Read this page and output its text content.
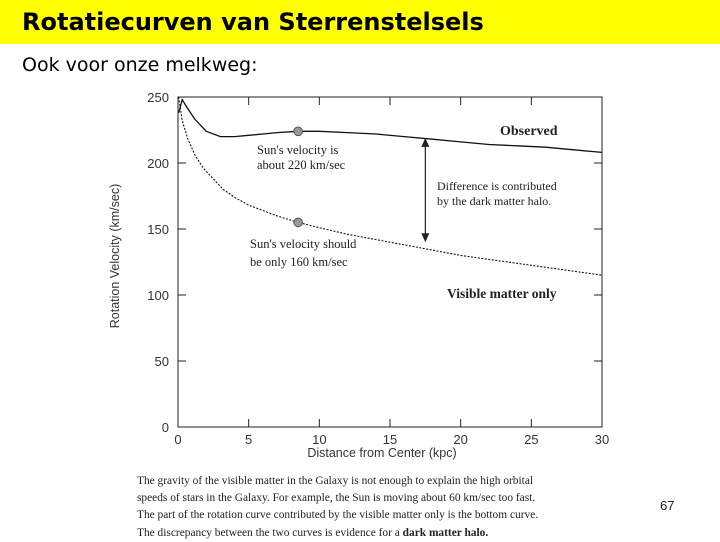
Rotatiecurven van Sterrenstelsels
Ook voor onze melkweg:
0	5	10	15	20	25	30
0
50
100
150
200
250
Distance from Center (kpc)
Rotation Velocity (km/sec)
Observed
Visible matter only
Sun's velocity is
about 220 km/sec
Sun's velocity should
be only 160 km/sec
Difference is contributed
by the dark matter halo.
The gravity of the visible matter in the Galaxy is not enough to explain the high orbital
speeds of stars in the Galaxy. For example, the Sun is moving about 60 km/sec too fast.
The part of the rotation curve contributed by the visible matter only is the bottom curve.
The discrepancy between the two curves is evidence for a dark matter halo.
67
